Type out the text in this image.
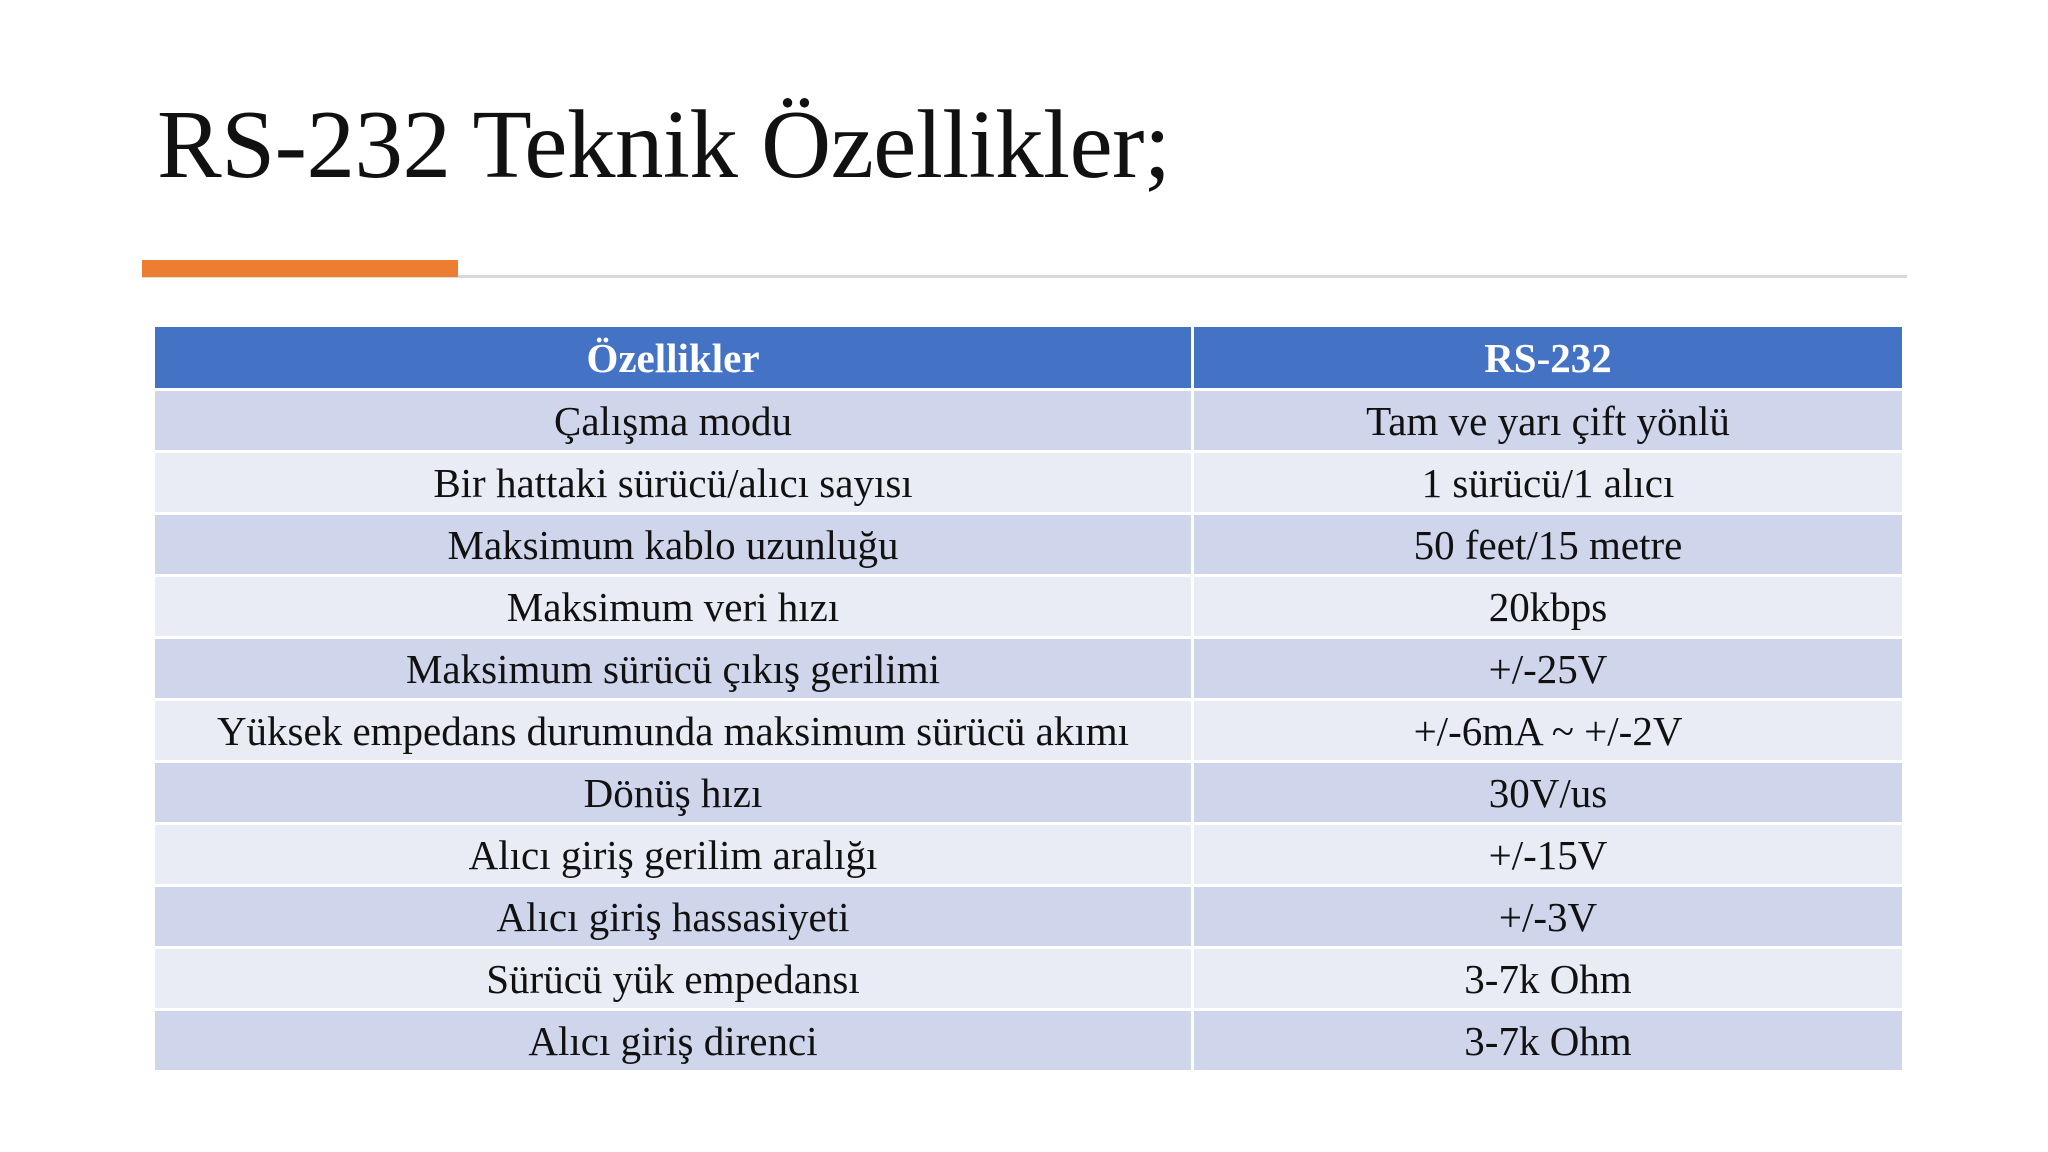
RS-232 Teknik Özellikler;
Özellikler	RS-232
Çalışma modu	Tam ve yarı çift yönlü
Bir hattaki sürücü/alıcı sayısı	1 sürücü/1 alıcı
Maksimum kablo uzunluğu	50 feet/15 metre
Maksimum veri hızı	20kbps
Maksimum sürücü çıkış gerilimi	+/-25V
Yüksek empedans durumunda maksimum sürücü akımı	+/-6mA ~ +/-2V
Dönüş hızı	30V/us
Alıcı giriş gerilim aralığı	+/-15V
Alıcı giriş hassasiyeti	+/-3V
Sürücü yük empedansı	3-7k Ohm
Alıcı giriş direnci	3-7k Ohm
